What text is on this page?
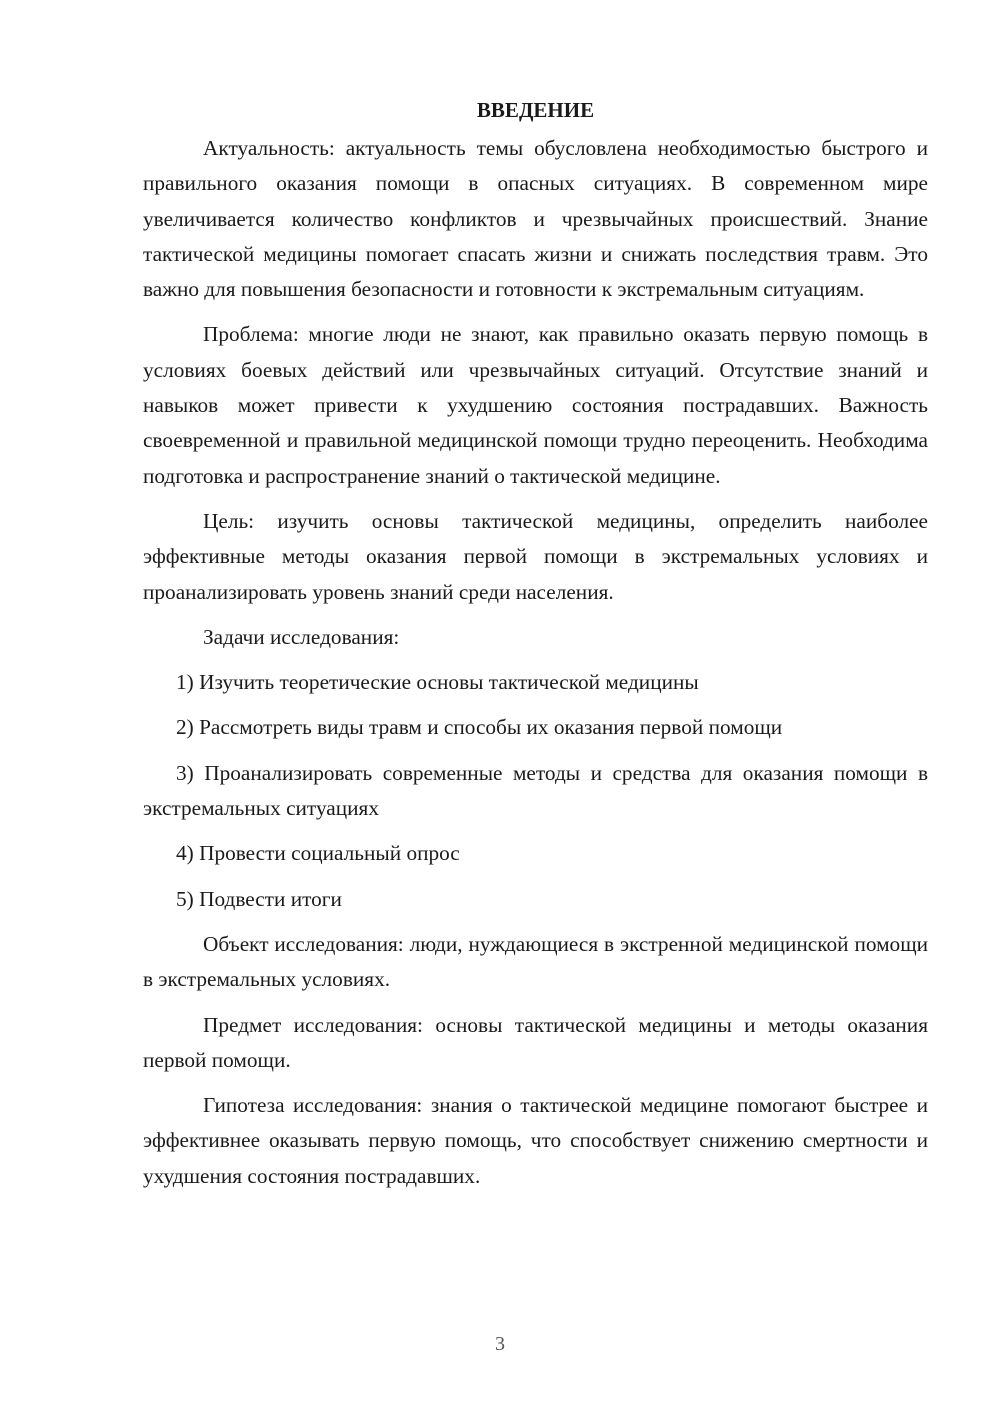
ВВЕДЕНИЕ

Актуальность: актуальность темы обусловлена необходимостью быстрого и правильного оказания помощи в опасных ситуациях. В современном мире увеличивается количество конфликтов и чрезвычайных происшествий. Знание тактической медицины помогает спасать жизни и снижать последствия травм. Это важно для повышения безопасности и готовности к экстремальным ситуациям.

Проблема: многие люди не знают, как правильно оказать первую помощь в условиях боевых действий или чрезвычайных ситуаций. Отсутствие знаний и навыков может привести к ухудшению состояния пострадавших. Важность своевременной и правильной медицинской помощи трудно переоценить. Необходима подготовка и распространение знаний о тактической медицине.

Цель: изучить основы тактической медицины, определить наиболее эффективные методы оказания первой помощи в экстремальных условиях и проанализировать уровень знаний среди населения.

Задачи исследования:

1) Изучить теоретические основы тактической медицины

2) Рассмотреть виды травм и способы их оказания первой помощи

3) Проанализировать современные методы и средства для оказания помощи в экстремальных ситуациях

4) Провести социальный опрос

5) Подвести итоги

Объект исследования: люди, нуждающиеся в экстренной медицинской помощи в экстремальных условиях.

Предмет исследования: основы тактической медицины и методы оказания первой помощи.

Гипотеза исследования: знания о тактической медицине помогают быстрее и эффективнее оказывать первую помощь, что способствует снижению смертности и ухудшения состояния пострадавших.

3
